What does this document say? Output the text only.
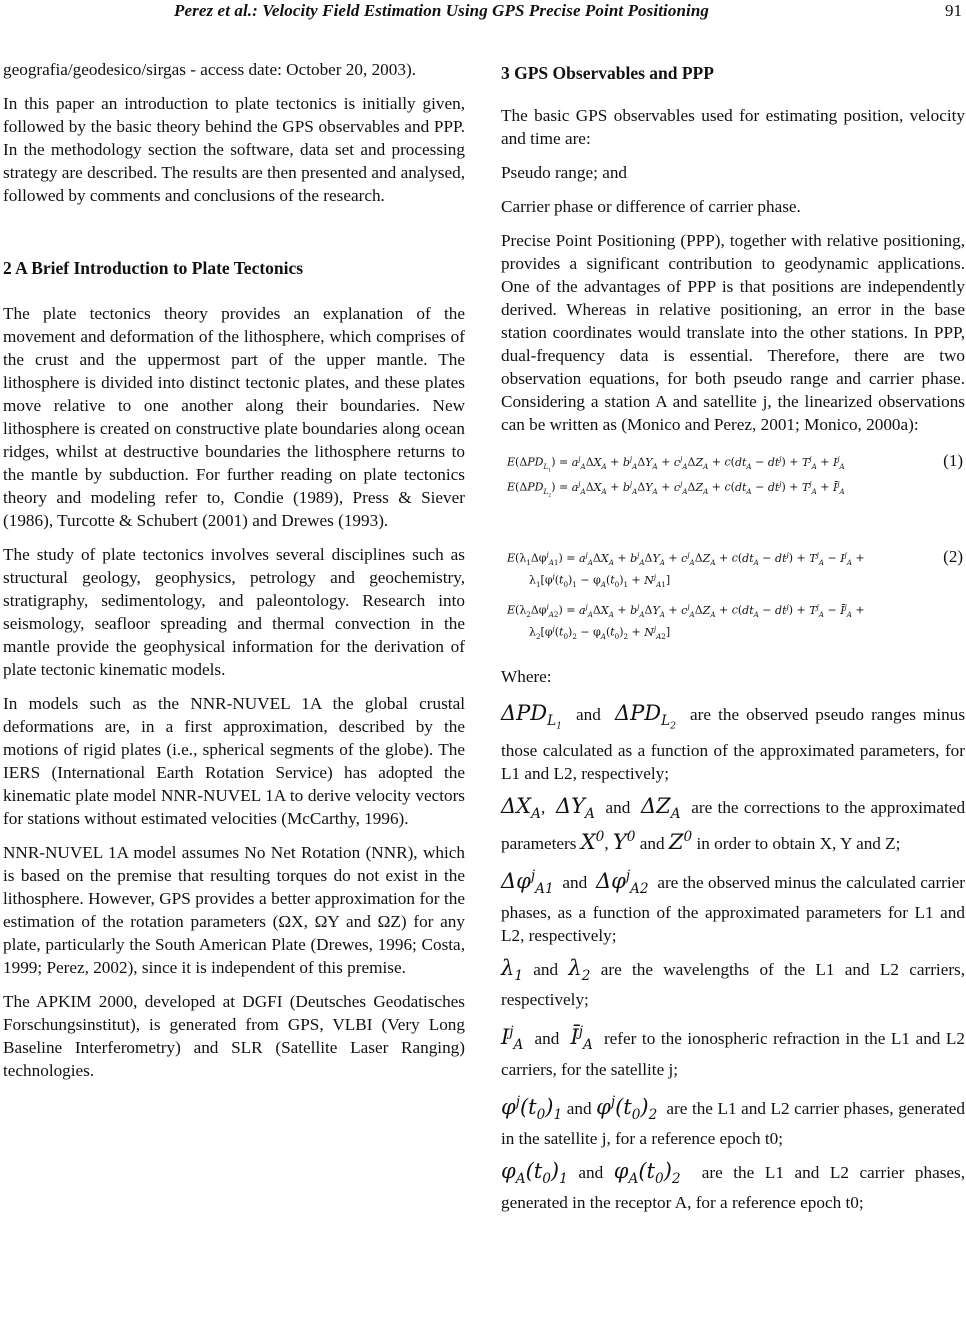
Perez et al.: Velocity Field Estimation Using GPS Precise Point Positioning	91

geografia/geodesico/sirgas - access date: October 20, 2003).

In this paper an introduction to plate tectonics is initially given, followed by the basic theory behind the GPS observables and PPP. In the methodology section the software, data set and processing strategy are described. The results are then presented and analysed, followed by comments and conclusions of the research.

2 A Brief Introduction to Plate Tectonics

The plate tectonics theory provides an explanation of the movement and deformation of the lithosphere, which comprises of the crust and the uppermost part of the upper mantle. The lithosphere is divided into distinct tectonic plates, and these plates move relative to one another along their boundaries. New lithosphere is created on constructive plate boundaries along ocean ridges, whilst at destructive boundaries the lithosphere returns to the mantle by subduction. For further reading on plate tectonics theory and modeling refer to, Condie (1989), Press & Siever (1986), Turcotte & Schubert (2001) and Drewes (1993).

The study of plate tectonics involves several disciplines such as structural geology, geophysics, petrology and geochemistry, stratigraphy, sedimentology, and paleontology. Research into seismology, seafloor spreading and thermal convection in the mantle provide the geophysical information for the derivation of plate tectonic kinematic models.

In models such as the NNR-NUVEL 1A the global crustal deformations are, in a first approximation, described by the motions of rigid plates (i.e., spherical segments of the globe). The IERS (International Earth Rotation Service) has adopted the kinematic plate model NNR-NUVEL 1A to derive velocity vectors for stations without estimated velocities (McCarthy, 1996).

NNR-NUVEL 1A model assumes No Net Rotation (NNR), which is based on the premise that resulting torques do not exist in the lithosphere. However, GPS provides a better approximation for the estimation of the rotation parameters (ΩX, ΩY and ΩZ) for any plate, particularly the South American Plate (Drewes, 1996; Costa, 1999; Perez, 2002), since it is independent of this premise.

The APKIM 2000, developed at DGFI (Deutsches Geodatisches Forschungsinstitut), is generated from GPS, VLBI (Very Long Baseline Interferometry) and SLR (Satellite Laser Ranging) technologies.

3 GPS Observables and PPP

The basic GPS observables used for estimating position, velocity and time are:

Pseudo range; and

Carrier phase or difference of carrier phase.

Precise Point Positioning (PPP), together with relative positioning, provides a significant contribution to geodynamic applications. One of the advantages of PPP is that positions are independently derived. Whereas in relative positioning, an error in the base station coordinates would translate into the other stations. In PPP, dual-frequency data is essential. Therefore, there are two observation equations, for both pseudo range and carrier phase. Considering a station A and satellite j, the linearized observations can be written as (Monico and Perez, 2001; Monico, 2000a):

$E(\Delta PD_{L_1}) = a^j_A\Delta X_A + b^j_A\Delta Y_A + c^j_A\Delta Z_A + c(dt_A - dt^j) + T^j_A + I^j_A$
$E(\Delta PD_{L_2}) = a^j_A\Delta X_A + b^j_A\Delta Y_A + c^j_A\Delta Z_A + c(dt_A - dt^j) + T^j_A$ + $Ī^j_A$
(1)
$E(\lambda_1\Delta\varphi^j_{A1}) = a^j_A\Delta X_A + b^j_A\Delta Y_A + c^j_A\Delta Z_A + c(dt_A - dt^j) + T^j_A - I^j_A$ +
$\lambda_1[\varphi^j(t_0)_1 - \varphi_A(t_0)_1 + N^j_{A1}]$
$E(\lambda_2\Delta\varphi^j_{A2}) = a^j_A\Delta X_A + b^j_A\Delta Y_A + c^j_A\Delta Z_A + c(dt_A - dt^j) + T^j_A$ − $Ī^j_A$ +
$\lambda_2[\varphi^j(t_0)_2 - \varphi_A(t_0)_2 + N^j_{A2}]$
(2)

Where:

$\Delta PD_{L_1}$  and $\Delta PD_{L_2}$  are the observed pseudo ranges minus those calculated as a function of the approximated parameters, for L1 and L2, respectively;

$\Delta X_A$,  $\Delta Y_A$ and $\Delta Z_A$ are the corrections to the approximated parameters $X^0$, $Y^0$ and $Z^0$ in order to obtain X, Y and Z;

$\Delta\varphi^j_{A1}$ and $\Delta\varphi^j_{A2}$ are the observed minus the calculated carrier phases, as a function of the approximated parameters for L1 and L2, respectively;

$\lambda_1$ and $\lambda_2$ are the wavelengths of the L1 and L2 carriers, respectively;

$I^j_A$ and $Ī^j_A$ refer to the ionospheric refraction in the L1 and L2 carriers, for the satellite j;

$\varphi^j(t_0)_1$ and $\varphi^j(t_0)_2$ are the L1 and L2 carrier phases, generated in the satellite j, for a reference epoch t0;

$\varphi_A(t_0)_1$ and $\varphi_A(t_0)_2$ are the L1 and L2 carrier phases, generated in the receptor A, for a reference epoch t0;
